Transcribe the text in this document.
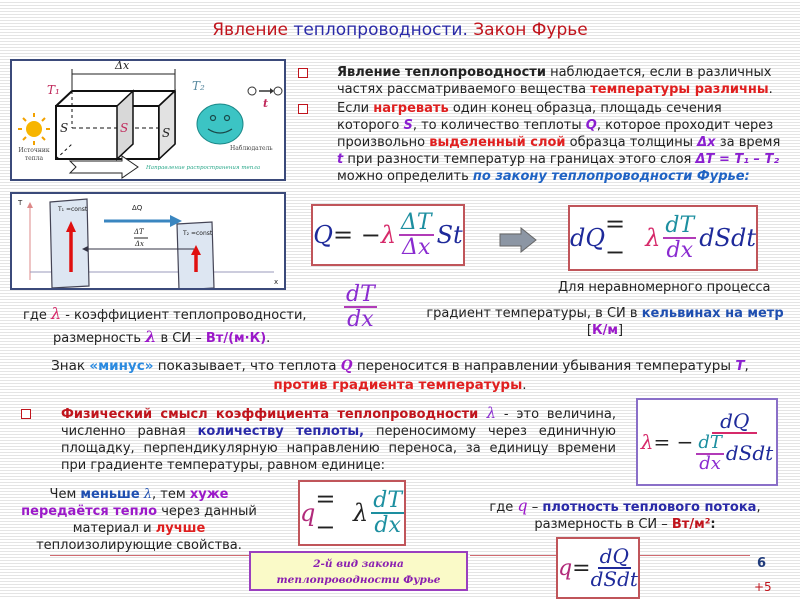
Явление теплопроводности. Закон Фурье
Δx
T₁	T₂
S	S	S
t
Источник
тепла
Наблюдатель
Направление распространения тепла
T
x
T₁ =const
T₂ =const
ΔQ
ΔT
Δx
Явление теплопроводности наблюдается, если в различных частях рассматриваемого вещества температуры различны.
Если нагревать один конец образца, площадь сечения которого S, то количество теплоты Q, которое проходит через произвольно выделенный слой образца толщины Δx за время t при разности температур на границах этого слоя ΔT = T₁ – T₂ можно определить по закону теплопроводности Фурье:
Q = − λ $\frac{\Delta T}{\Delta x}$ St	dQ = − λ $\frac{dT}{dx}$ dSdt
Для неравномерного процесса
где λ - коэффициент теплопроводности,
размерность λ в СИ – Вт/(м·К).
$\frac{dT}{dx}$	градиент температуры, в СИ в кельвинах на метр
[К/м]
Знак «минус» показывает, что теплота Q переносится в направлении убывания температуры T,
против градиента температуры.
Физический смысл коэффициента теплопроводности λ - это величина, численно равная количеству теплоты, переносимому через единичную площадку, перпендикулярную направлению переноса, за единицу времени при градиенте температуры, равном единице:
λ = − $\frac{dQ}{\frac{dT}{dx} dSdt}$
Чем меньше λ, тем хуже
передаётся тепло через данный материал и лучше
теплоизолирующие свойства.
q = − λ $\frac{dT}{dx}$
2-й вид закона
теплопроводности Фурье
где q – плотность теплового потока,
размерность в СИ – Вт/м²:
$q = \frac{dQ}{\text{dSdt}}$	6
+5
